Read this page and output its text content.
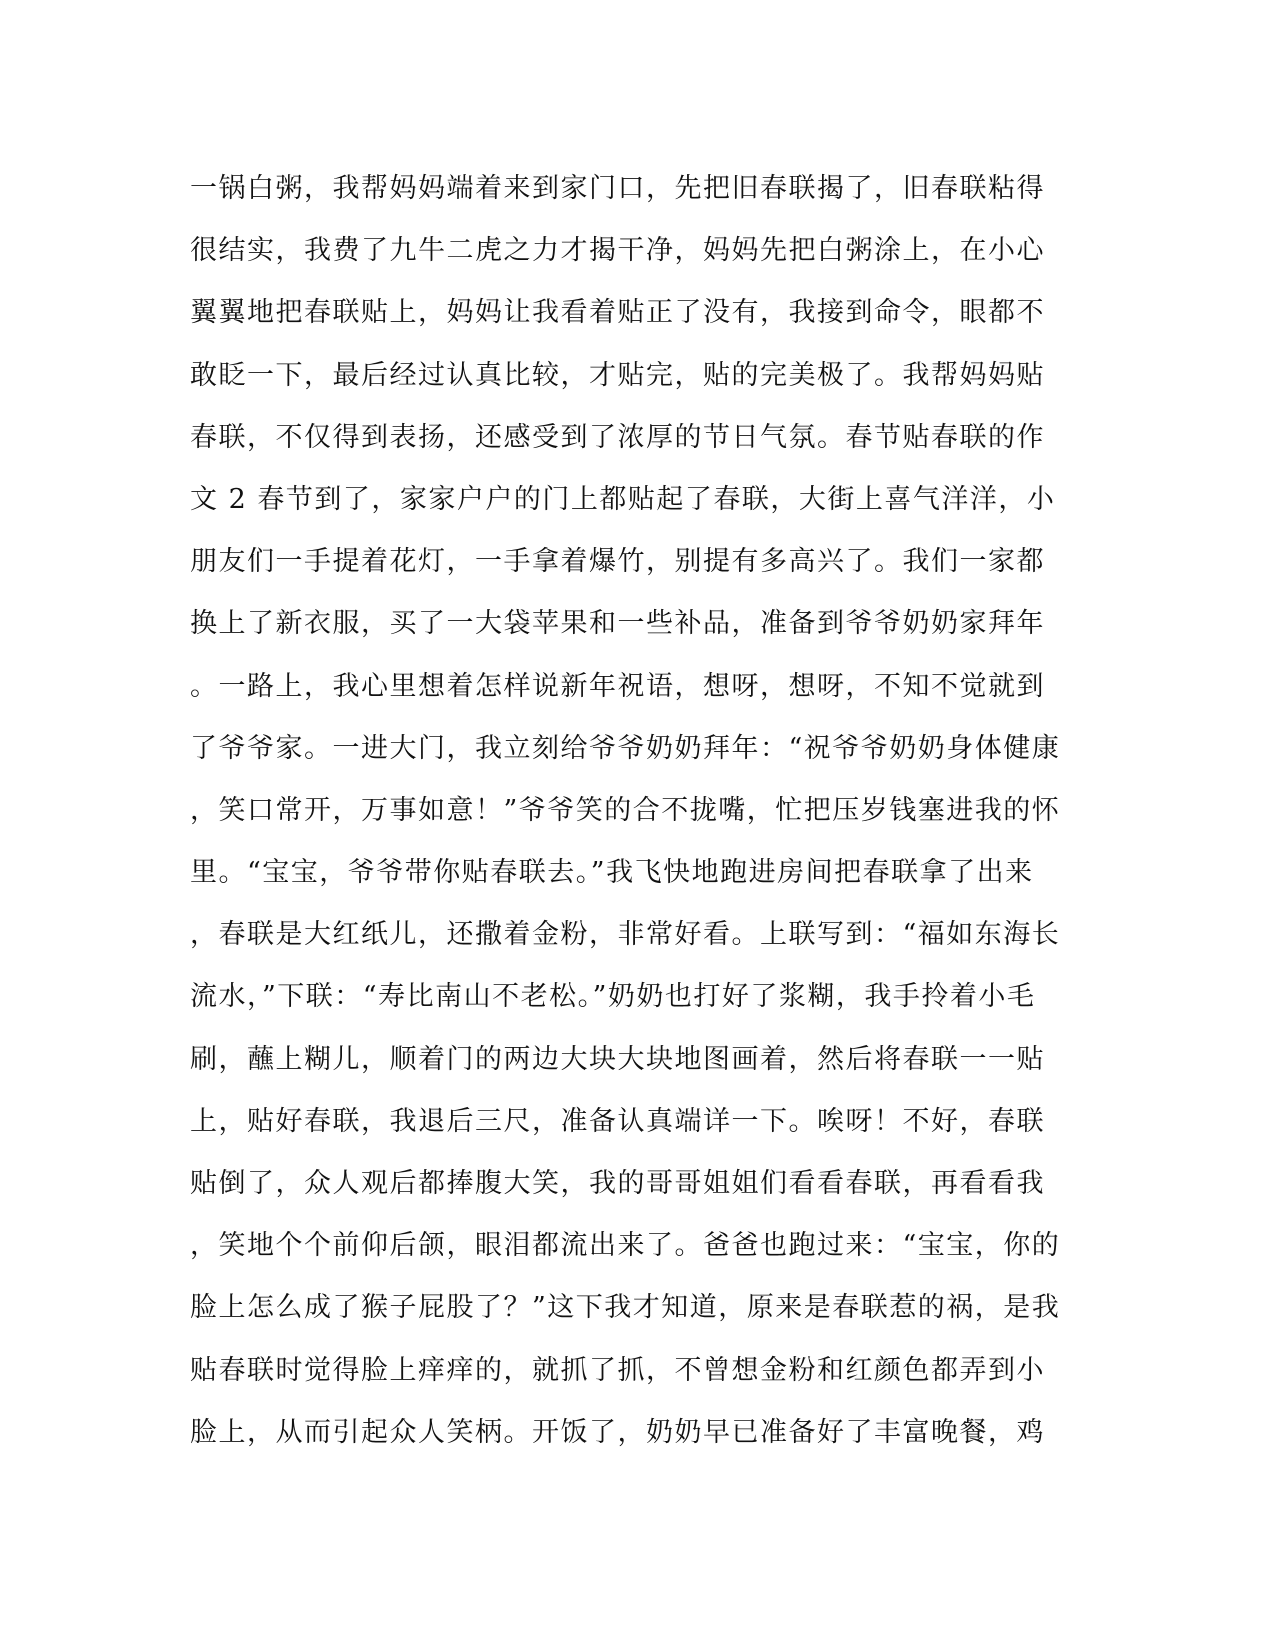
一锅白粥，我帮妈妈端着来到家门口，先把旧春联揭了，旧春联粘得
很结实，我费了九牛二虎之力才揭干净，妈妈先把白粥涂上，在小心
翼翼地把春联贴上，妈妈让我看着贴正了没有，我接到命令，眼都不
敢眨一下，最后经过认真比较，才贴完，贴的完美极了。我帮妈妈贴
春联，不仅得到表扬，还感受到了浓厚的节日气氛。春节贴春联的作
文 2 春节到了，家家户户的门上都贴起了春联，大街上喜气洋洋，小
朋友们一手提着花灯，一手拿着爆竹，别提有多高兴了。我们一家都
换上了新衣服，买了一大袋苹果和一些补品，准备到爷爷奶奶家拜年
。一路上，我心里想着怎样说新年祝语，想呀，想呀，不知不觉就到
了爷爷家。一进大门，我立刻给爷爷奶奶拜年：“祝爷爷奶奶身体健康
，笑口常开，万事如意！”爷爷笑的合不拢嘴，忙把压岁钱塞进我的怀
里。“宝宝，爷爷带你贴春联去。”我飞快地跑进房间把春联拿了出来
，春联是大红纸儿，还撒着金粉，非常好看。上联写到：“福如东海长
流水，”下联：“寿比南山不老松。”奶奶也打好了浆糊，我手拎着小毛
刷，蘸上糊儿，顺着门的两边大块大块地图画着，然后将春联一一贴
上，贴好春联，我退后三尺，准备认真端详一下。唉呀！不好，春联
贴倒了，众人观后都捧腹大笑，我的哥哥姐姐们看看春联，再看看我
，笑地个个前仰后颌，眼泪都流出来了。爸爸也跑过来：“宝宝，你的
脸上怎么成了猴子屁股了？”这下我才知道，原来是春联惹的祸，是我
贴春联时觉得脸上痒痒的，就抓了抓，不曾想金粉和红颜色都弄到小
脸上，从而引起众人笑柄。开饭了，奶奶早已准备好了丰富晚餐，鸡
